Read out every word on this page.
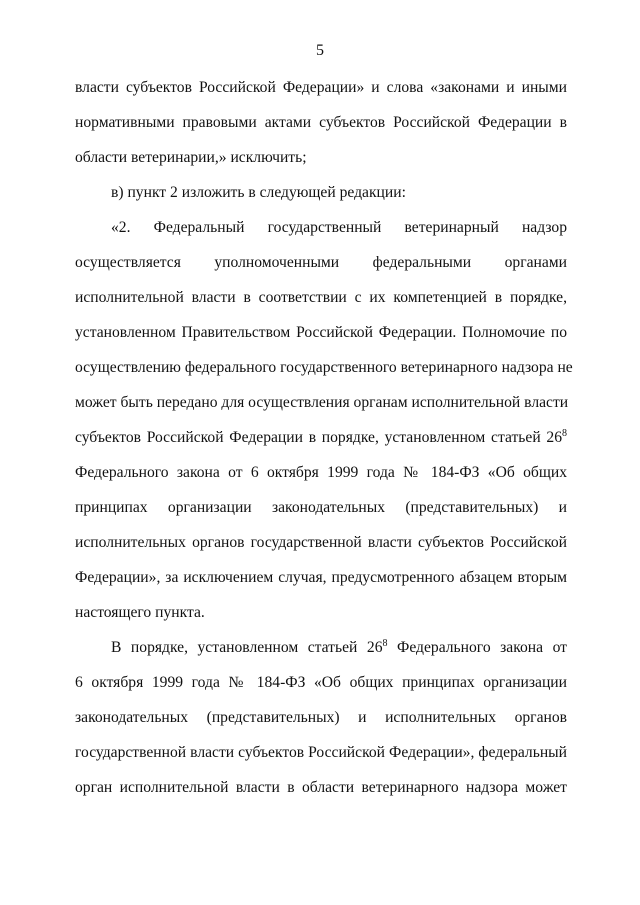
5
власти субъектов Российской Федерации» и слова «законами и иными
нормативными правовыми актами субъектов Российской Федерации в
области ветеринарии,» исключить;
в) пункт 2 изложить в следующей редакции:
«2. Федеральный государственный ветеринарный надзор
осуществляется уполномоченными федеральными органами
исполнительной власти в соответствии с их компетенцией в порядке,
установленном Правительством Российской Федерации. Полномочие по
осуществлению федерального государственного ветеринарного надзора не
может быть передано для осуществления органам исполнительной власти
субъектов Российской Федерации в порядке, установленном статьей $26^8$
Федерального закона от 6 октября 1999 года № 184-ФЗ «Об общих
принципах организации законодательных (представительных) и
исполнительных органов государственной власти субъектов Российской
Федерации», за исключением случая, предусмотренного абзацем вторым
настоящего пункта.
В порядке, установленном статьей $26^8$ Федерального закона от
6 октября 1999 года № 184-ФЗ «Об общих принципах организации
законодательных (представительных) и исполнительных органов
государственной власти субъектов Российской Федерации», федеральный
орган исполнительной власти в области ветеринарного надзора может
